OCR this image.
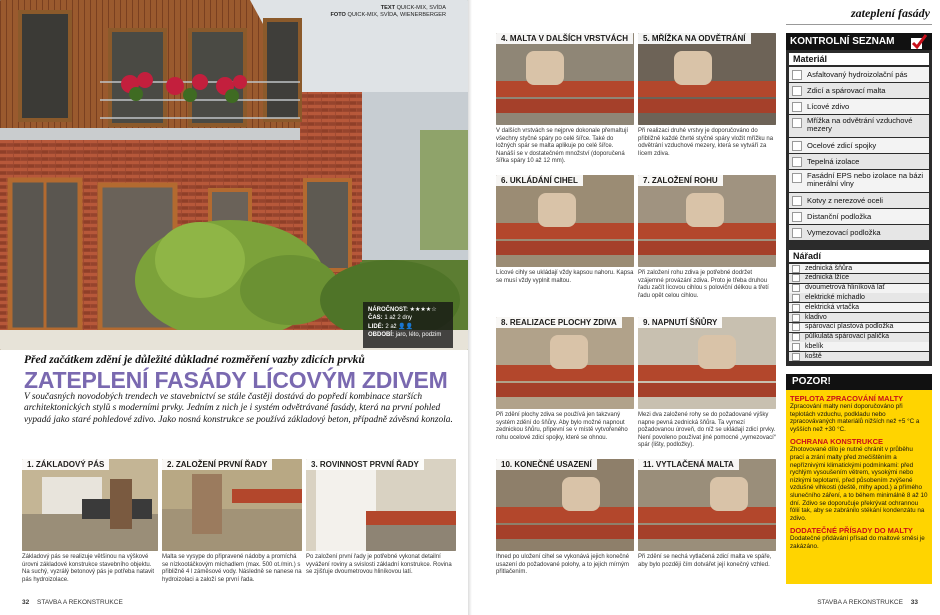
TEXT QUICK-MIX, SVÍDA
FOTO QUICK-MIX, SVÍDA, WIENERBERGER
NÁROČNOST: ★★★★☆
ČAS: 1 až 2 dny
LIDÉ: 2 až 👤👤
OBDOBÍ: jaro, léto, podzim
Před začátkem zdění je důležité důkladné rozměření vazby zdicích prvků
ZATEPLENÍ FASÁDY LÍCOVÝM ZDIVEM
V současných novodobých trendech ve stavebnictví se stále častěji dostává do popředí kombinace starších architektonických stylů s moderními prvky. Jedním z nich je i systém odvětrávané fasády, která na první pohled vypadá jako staré pohledové zdivo. Jako nosná konstrukce se používá základový beton, případně závěsná konzola.
1. ZÁKLADOVÝ PÁS	2. ZALOŽENÍ PRVNÍ ŘADY	3. ROVINNOST PRVNÍ ŘADY
Základový pás se realizuje většinou na výškové úrovni základové konstrukce stavebního objektu. Na suchý, vyzrálý betonový pás je potřeba natavit pás hydroizolace.
Malta se vysype do připravené nádoby a promíchá se nízkootáčkovým míchadlem (max. 500 ot./min.) s přibližně 4 l záměsové vody. Následně se nanese na hydroizolaci a založí se první řada.
Po založení první řady je potřebné vykonat detailní vyvážení roviny a svislosti základní konstrukce. Rovina se zjišťuje dvoumetrovou hliníkovou latí.
32 STAVBA A REKONSTRUKCE
4. MALTA V DALŠÍCH VRSTVÁCH
V dalších vrstvách se nejprve dokonale přemaltují všechny styčné spáry po celé šířce. Také do ložných spár se malta aplikuje po celé šířce. Nanáší se v dostatečném množství (doporučená šířka spáry 10 až 12 mm).
5. MŘÍŽKA NA ODVĚTRÁNÍ
Při realizaci druhé vrstvy je doporučováno do přibližně každé čtvrté styčné spáry vložit mřížku na odvětrání vzduchové mezery, která se vytváří za lícem zdiva.
6. UKLÁDÁNÍ CIHEL
Lícové cihly se ukládají vždy kapsou nahoru. Kapsa se musí vždy vyplnit maltou.
7. ZALOŽENÍ ROHU
Při založení rohu zdiva je potřebné dodržet vzájemné provázání zdiva. Proto je třeba druhou řadu začít lícovou cihlou s poloviční délkou a třetí řadu opět celou cihlou.
8. REALIZACE PLOCHY ZDIVA
Při zdění plochy zdiva se používá jen takzvaný systém zdění do šňůry. Aby bylo možné napnout zednickou šňůru, připevní se v místě vytvořeného rohu ocelové zdicí spojky, které se ohnou.
9. NAPNUTÍ ŠŇŮRY
Mezi dva založené rohy se do požadované výšky napne pevná zednická šňůra. Ta vymezí požadovanou úroveň, do níž se ukládají zdicí prvky. Není povoleno používat jiné pomocné „vymezovací“ spár (lišty, podložky).
10. KONEČNÉ USAZENÍ
Ihned po uložení cihel se vykonává jejich konečné usazení do požadované polohy, a to jejich mírným přitlačením.
11. VYTLAČENÁ MALTA
Při zdění se nechá vytlačená zdicí malta ve spáře, aby bylo později čím dotvářet její konečný vzhled.
STAVBA A REKONSTRUKCE 33
zateplení fasády
KONTROLNÍ SEZNAM
Materiál
Asfaltovaný hydroizolační pás
Zdicí a spárovací malta
Lícové zdivo
Mřížka na odvětrání vzduchové mezery
Ocelové zdicí spojky
Tepelná izolace
Fasádní EPS nebo izolace na bázi minerální vlny
Kotvy z nerezové oceli
Distanční podložka
Vymezovací podložka
Nářadí
zednická šňůra
zednická lžíce
dvoumetrová hliníková lať
elektrické míchadlo
elektrická vrtačka
kladivo
spárovací plastová podložka
půlkulatá spárovací palička
kbelík
koště
POZOR!
TEPLOTA ZPRACOVÁNÍ MALTY
Zpracování malty není doporučováno při teplotách vzduchu, podkladu nebo zpracovávaných materiálů nižších než +5 °C a vyšších než +30 °C.
OCHRANA KONSTRUKCE
Zhotovované dílo je nutné chránit v průběhu prací a zrání malty před znečištěním a nepříznivými klimatickými podmínkami: před rychlým vysoušením větrem, vysokými nebo nízkými teplotami, před působením zvýšené vzdušné vlhkosti (deště, mlhy apod.) a přímého slunečního záření, a to během minimálně 8 až 10 dní. Zdivo se doporučuje překrývat ochrannou fólií tak, aby se zabránilo stékání kondenzátu na zdivo.
DODATEČNÉ PŘÍSADY DO MALTY
Dodatečné přidávání přísad do maltové směsi je zakázáno.
